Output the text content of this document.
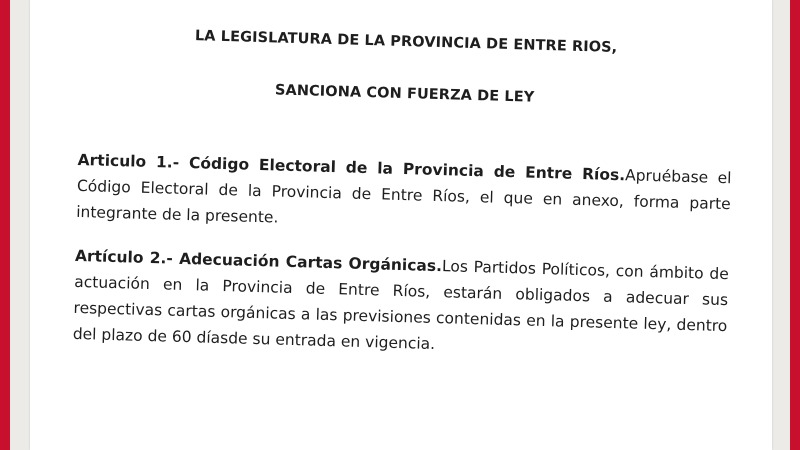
LA LEGISLATURA DE LA PROVINCIA DE ENTRE RIOS,
SANCIONA CON FUERZA DE LEY
Articulo 1.- Código Electoral de la Provincia de Entre Ríos.Apruébase el Código Electoral de la Provincia de Entre Ríos, el que en anexo, forma parte integrante de la presente.
Artículo 2.- Adecuación Cartas Orgánicas.Los Partidos Políticos, con ámbito de actuación en la Provincia de Entre Ríos, estarán obligados a adecuar sus respectivas cartas orgánicas a las previsiones contenidas en la presente ley, dentro del plazo de 60 díasde su entrada en vigencia.
